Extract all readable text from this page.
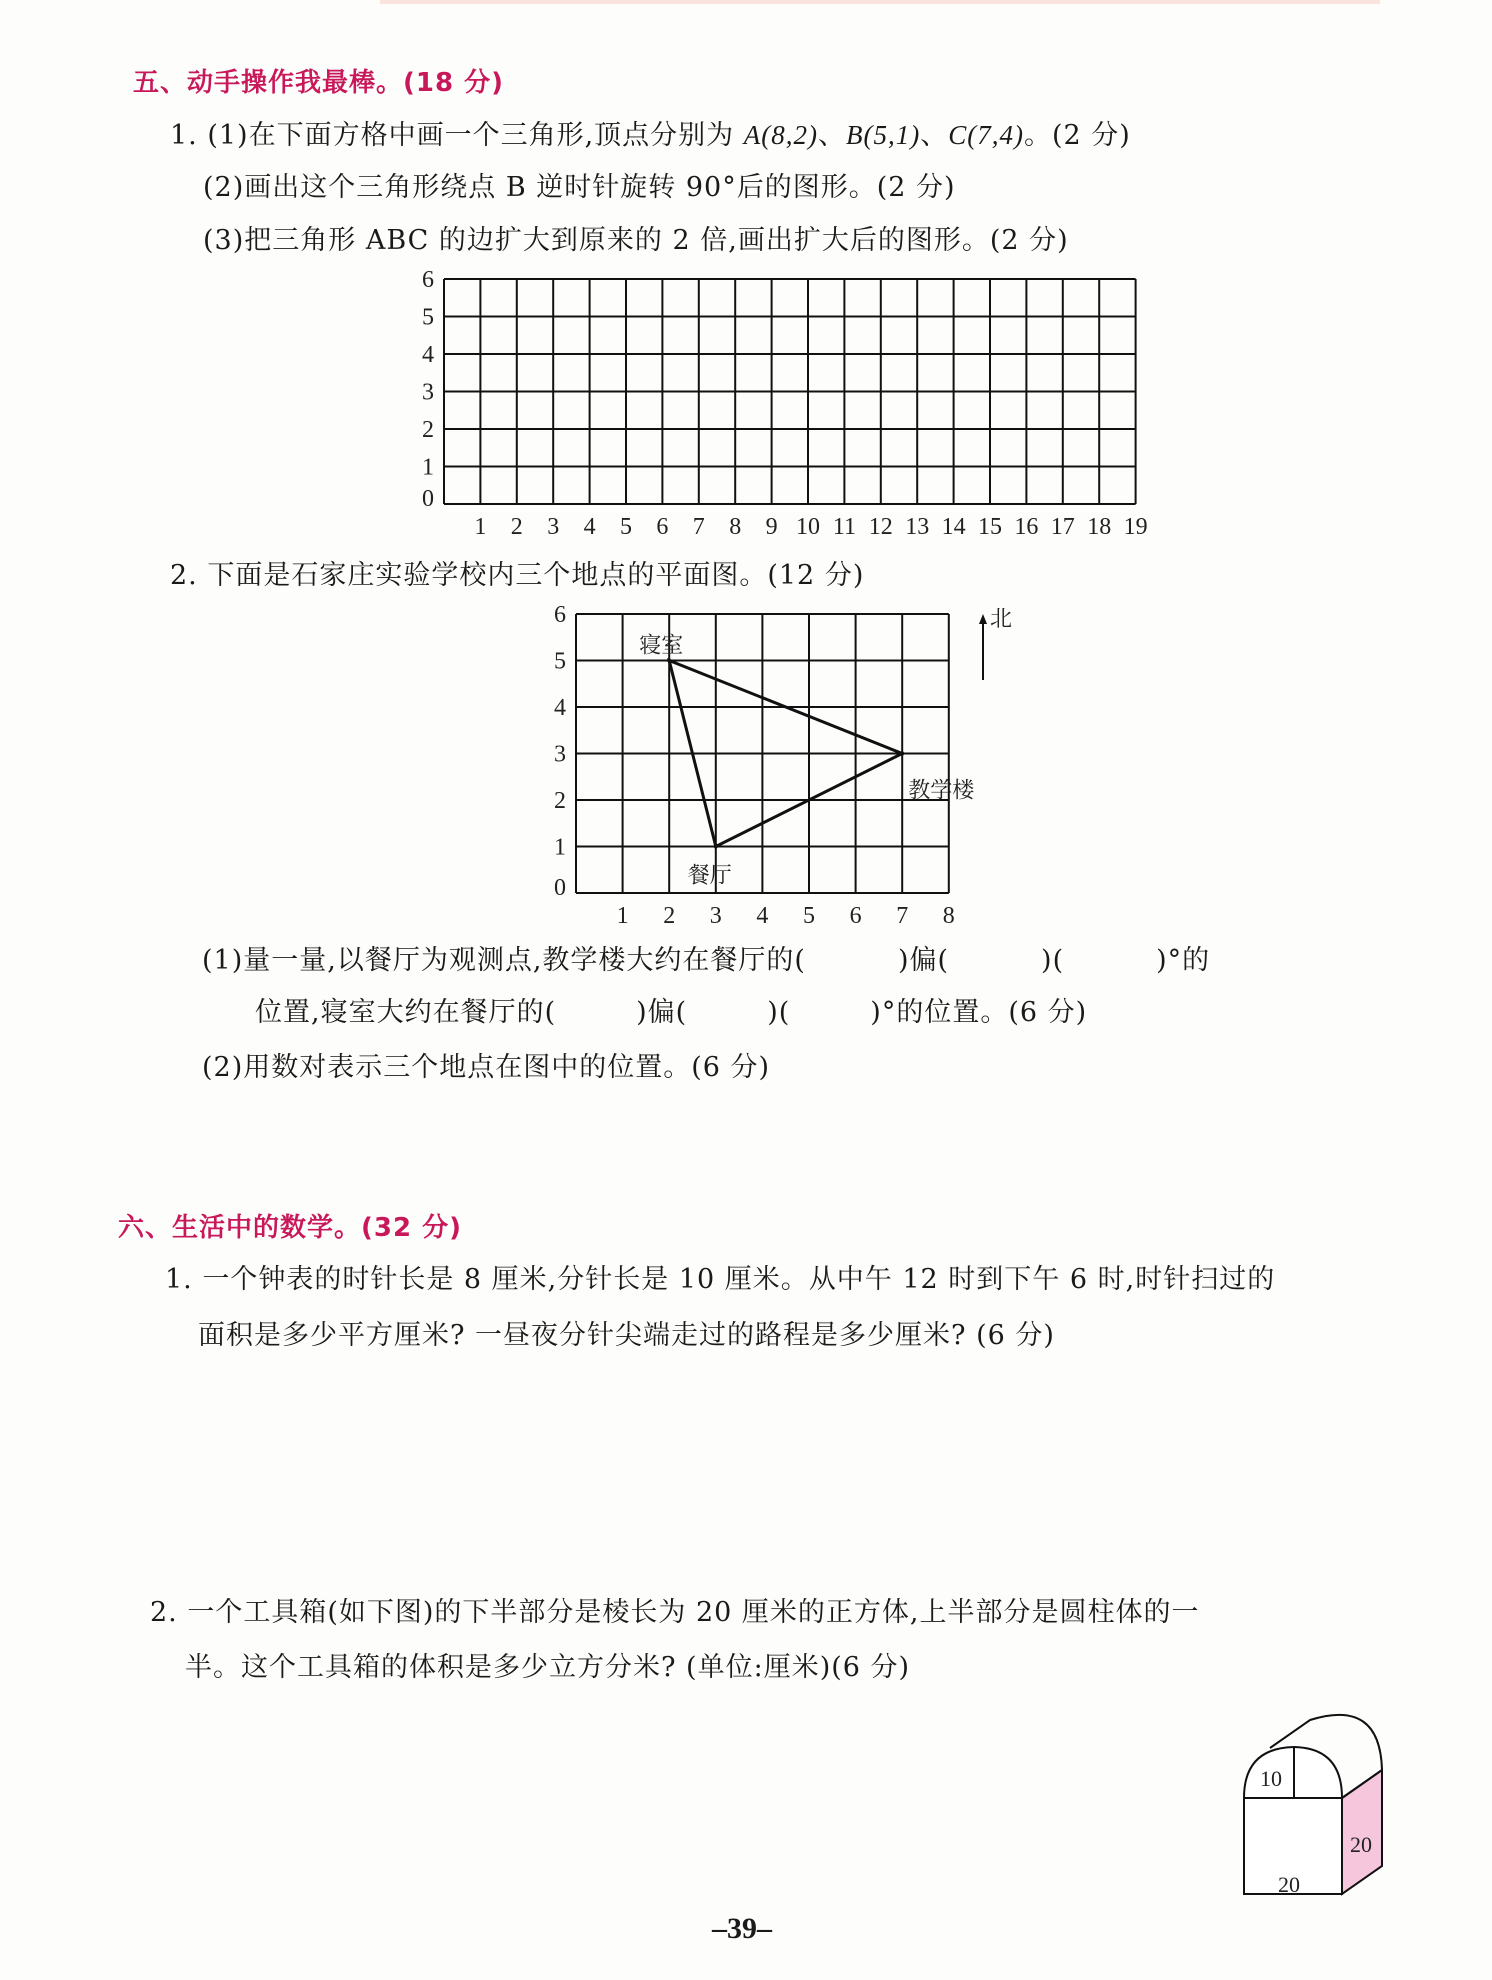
五、动手操作我最棒。(18 分)
1. (1)在下面方格中画一个三角形,顶点分别为 A(8,2)、B(5,1)、C(7,4)。(2 分)
(2)画出这个三角形绕点 B 逆时针旋转 90°后的图形。(2 分)
(3)把三角形 ABC 的边扩大到原来的 2 倍,画出扩大后的图形。(2 分)
0
1
2
3
4
5
6
1 2 3 4 5 6 7 8 9 10 11 12 13 14 15 16 17 18 19
2. 下面是石家庄实验学校内三个地点的平面图。(12 分)
0
1
2
3
4
5
6
1 2 3 4 5 6 7 8
寝室
教学楼
餐厅
北
(1)量一量,以餐厅为观测点,教学楼大约在餐厅的(	)偏(	)(	)°的
位置,寝室大约在餐厅的(	)偏(	)(	)°的位置。(6 分)
(2)用数对表示三个地点在图中的位置。(6 分)
六、生活中的数学。(32 分)
1. 一个钟表的时针长是 8 厘米,分针长是 10 厘米。从中午 12 时到下午 6 时,时针扫过的
面积是多少平方厘米? 一昼夜分针尖端走过的路程是多少厘米? (6 分)
2. 一个工具箱(如下图)的下半部分是棱长为 20 厘米的正方体,上半部分是圆柱体的一
半。这个工具箱的体积是多少立方分米? (单位:厘米)(6 分)
10
20
20
–39–
